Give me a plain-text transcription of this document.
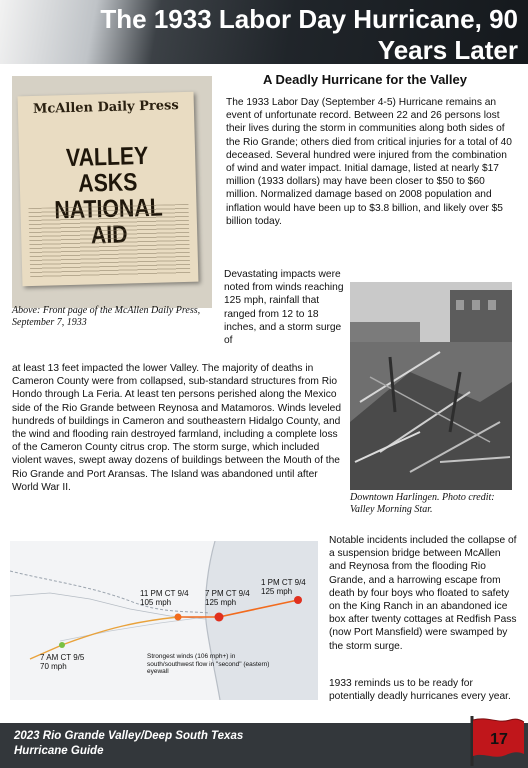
The 1933 Labor Day Hurricane, 90 Years Later
A Deadly Hurricane for the Valley
The 1933 Labor Day (September 4-5) Hurricane remains an event of unfortunate record. Between 22 and 26 persons lost their lives during the storm in communities along both sides of the Rio Grande; others died from critical injuries for a total of 40 deceased. Several hundred were injured from the combination of wind and water impact. Initial damage, listed at nearly $17 million (1933 dollars) may have been closer to $50 to $60 million. Normalized damage based on 2008 population and inflation would have been up to $3.8 billion, and likely over $5 billion today.
McAllen Daily Press
VALLEY ASKS NATIONAL AID
Above: Front page of the McAllen Daily Press, September 7, 1933
Devastating impacts were noted from winds reaching 125 mph, rainfall that ranged from 12 to 18 inches, and a storm surge of
at least 13 feet impacted the lower Valley. The majority of deaths in Cameron County were from collapsed, sub-standard structures from Rio Hondo through La Feria. At least ten persons perished along the Mexico side of the Rio Grande between Reynosa and Matamoros. Winds leveled hundreds of buildings in Cameron and southeastern Hidalgo County, and the wind and flooding rain destroyed farmland, including a complete loss of the Cameron County citrus crop. The storm surge, which included violent waves, swept away dozens of buildings between the Mouth of the Rio Grande and Port Aransas. The Island was abandoned until after World War II.
Downtown Harlingen. Photo credit: Valley Morning Star.
1 PM CT 9/4
125 mph
7 PM CT 9/4
125 mph
11 PM CT 9/4
105 mph
7 AM CT 9/5
70 mph
Strongest winds (106 mph+) in south/southwest flow in "second" (eastern) eyewall
Notable incidents included the collapse of a suspension bridge between McAllen and Reynosa from the flooding Rio Grande, and a harrowing escape from death by four boys who floated to safety on the King Ranch in an abandoned ice box after twenty cottages at Redfish Pass (now Port Mansfield) were swamped by the storm surge.
1933 reminds us to be ready for potentially deadly hurricanes every year.
2023 Rio Grande Valley/Deep South Texas
Hurricane Guide
17
